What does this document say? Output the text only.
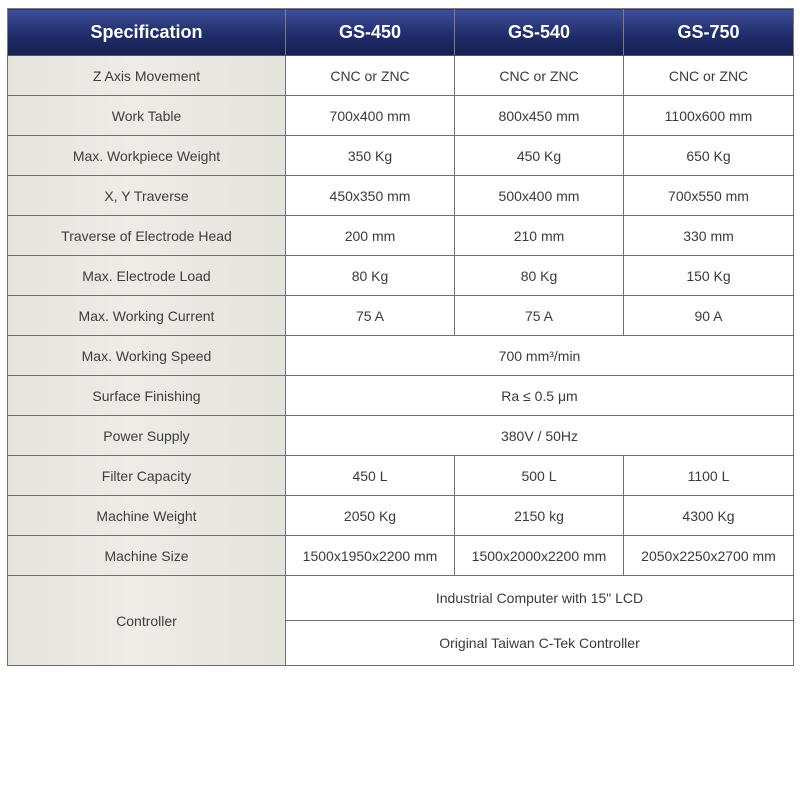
Specification	GS-450	GS-540	GS-750
Z Axis Movement	CNC or ZNC	CNC or ZNC	CNC or ZNC
Work Table	700x400 mm	800x450 mm	1100x600 mm
Max. Workpiece Weight	350 Kg	450 Kg	650 Kg
X, Y Traverse	450x350 mm	500x400 mm	700x550 mm
Traverse of Electrode Head	200 mm	210 mm	330 mm
Max. Electrode Load	80 Kg	80 Kg	150 Kg
Max. Working Current	75 A	75 A	90 A
Max. Working Speed	700 mm³/min		
Surface Finishing	Ra ≤ 0.5 μm		
Power Supply	380V / 50Hz		
Filter Capacity	450 L	500 L	1100 L
Machine Weight	2050 Kg	2150 kg	4300 Kg
Machine Size	1500x1950x2200 mm	1500x2000x2200 mm	2050x2250x2700 mm
Controller	Industrial Computer with 15" LCD		
	Original Taiwan C-Tek Controller		
